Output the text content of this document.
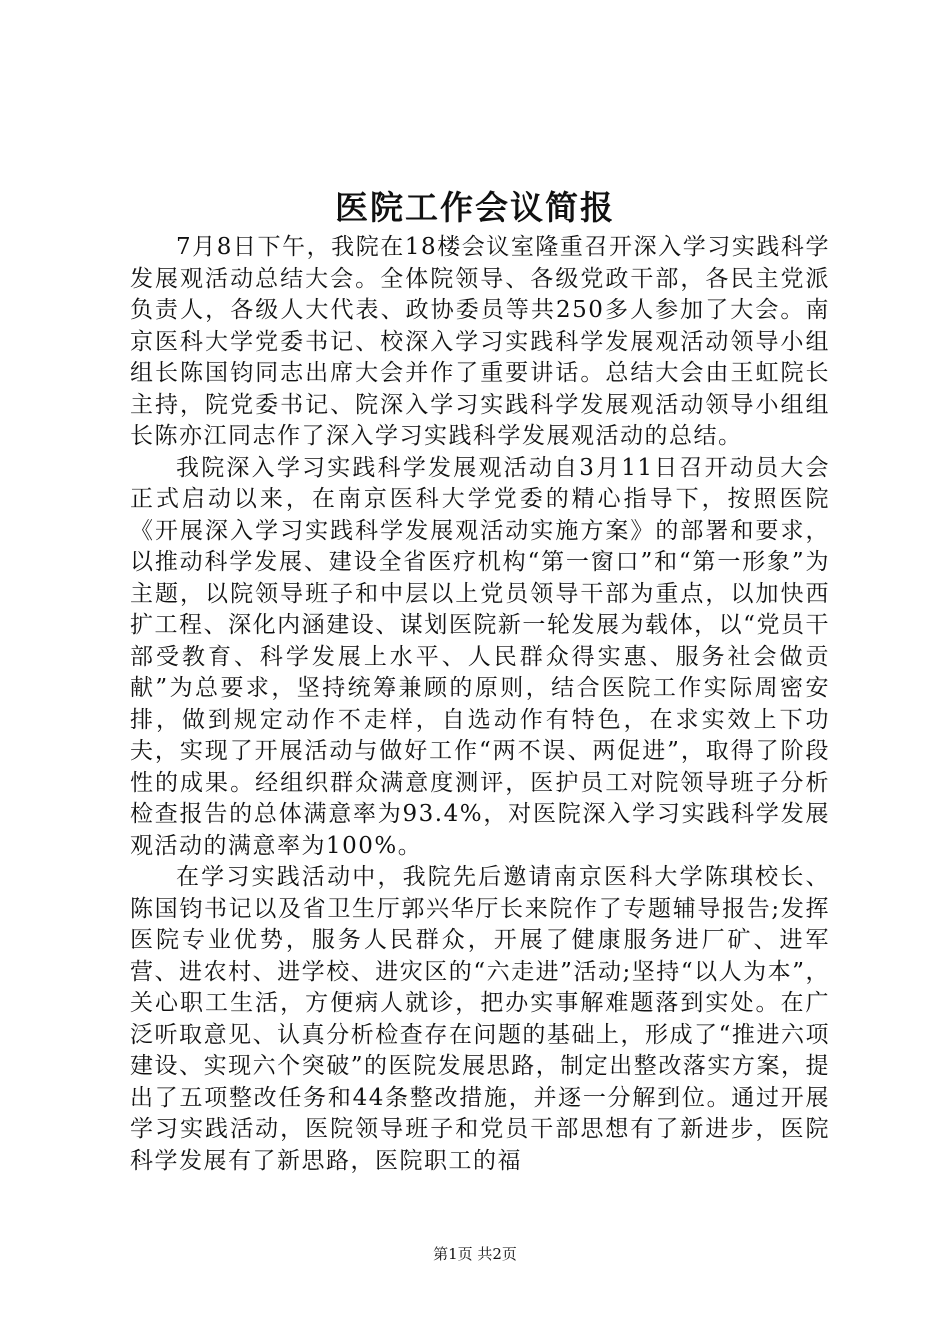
医院工作会议简报

7月8日下午，我院在18楼会议室隆重召开深入学习实践科学发展观活动总结大会。全体院领导、各级党政干部，各民主党派负责人，各级人大代表、政协委员等共250多人参加了大会。南京医科大学党委书记、校深入学习实践科学发展观活动领导小组组长陈国钧同志出席大会并作了重要讲话。总结大会由王虹院长主持，院党委书记、院深入学习实践科学发展观活动领导小组组长陈亦江同志作了深入学习实践科学发展观活动的总结。

我院深入学习实践科学发展观活动自3月11日召开动员大会正式启动以来，在南京医科大学党委的精心指导下，按照医院《开展深入学习实践科学发展观活动实施方案》的部署和要求，以推动科学发展、建设全省医疗机构“第一窗口”和“第一形象”为主题，以院领导班子和中层以上党员领导干部为重点，以加快西扩工程、深化内涵建设、谋划医院新一轮发展为载体，以“党员干部受教育、科学发展上水平、人民群众得实惠、服务社会做贡献”为总要求，坚持统筹兼顾的原则，结合医院工作实际周密安排，做到规定动作不走样，自选动作有特色，在求实效上下功夫，实现了开展活动与做好工作“两不误、两促进”，取得了阶段性的成果。经组织群众满意度测评，医护员工对院领导班子分析检查报告的总体满意率为93.4%，对医院深入学习实践科学发展观活动的满意率为100%。

在学习实践活动中，我院先后邀请南京医科大学陈琪校长、陈国钧书记以及省卫生厅郭兴华厅长来院作了专题辅导报告;发挥医院专业优势，服务人民群众，开展了健康服务进厂矿、进军营、进农村、进学校、进灾区的“六走进”活动;坚持“以人为本”，关心职工生活，方便病人就诊，把办实事解难题落到实处。在广泛听取意见、认真分析检查存在问题的基础上，形成了“推进六项建设、实现六个突破”的医院发展思路，制定出整改落实方案，提出了五项整改任务和44条整改措施，并逐一分解到位。通过开展学习实践活动，医院领导班子和党员干部思想有了新进步，医院科学发展有了新思路，医院职工的福

第1页 共2页
